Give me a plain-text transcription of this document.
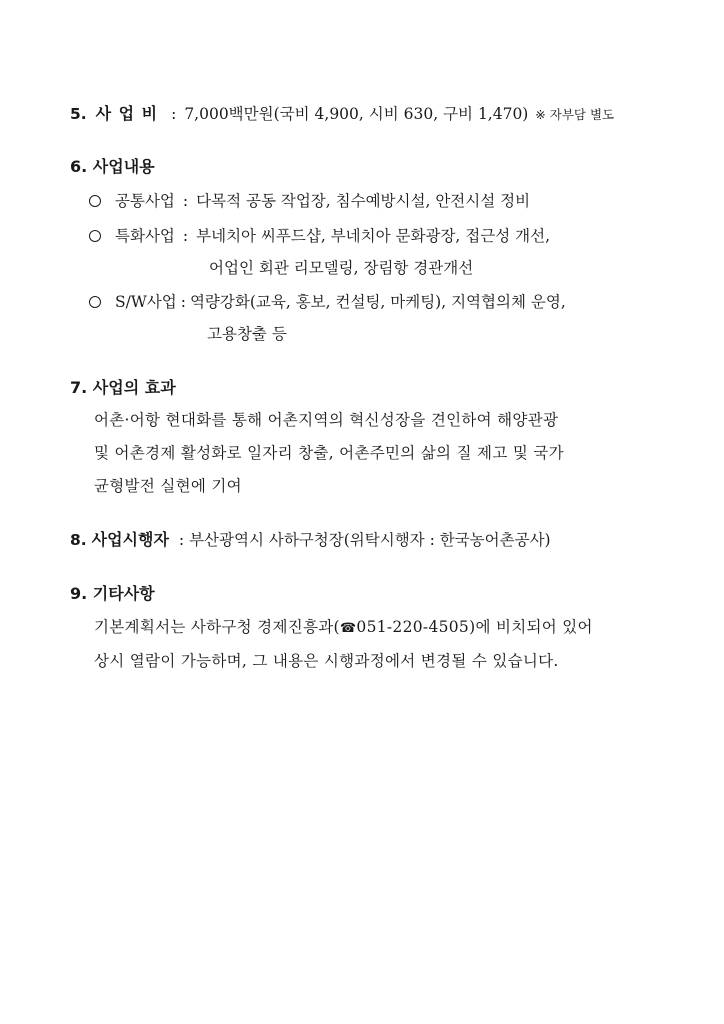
5. 사 업 비 : 7,000백만원(국비 4,900, 시비 630, 구비 1,470) ※ 자부담 별도
6. 사업내용
공통사업 : 다목적 공동 작업장, 침수예방시설, 안전시설 정비
특화사업 : 부네치아 씨푸드샵, 부네치아 문화광장, 접근성 개선,
어업인 회관 리모델링, 장림항 경관개선
S/W사업 : 역량강화(교육, 홍보, 컨설팅, 마케팅), 지역협의체 운영,
고용창출 등
7. 사업의 효과
어촌·어항 현대화를 통해 어촌지역의 혁신성장을 견인하여 해양관광
및 어촌경제 활성화로 일자리 창출, 어촌주민의 삶의 질 제고 및 국가
균형발전 실현에 기여
8. 사업시행자 : 부산광역시 사하구청장(위탁시행자 : 한국농어촌공사)
9. 기타사항
기본계획서는 사하구청 경제진흥과(☎051-220-4505)에 비치되어 있어
상시 열람이 가능하며, 그 내용은 시행과정에서 변경될 수 있습니다.
